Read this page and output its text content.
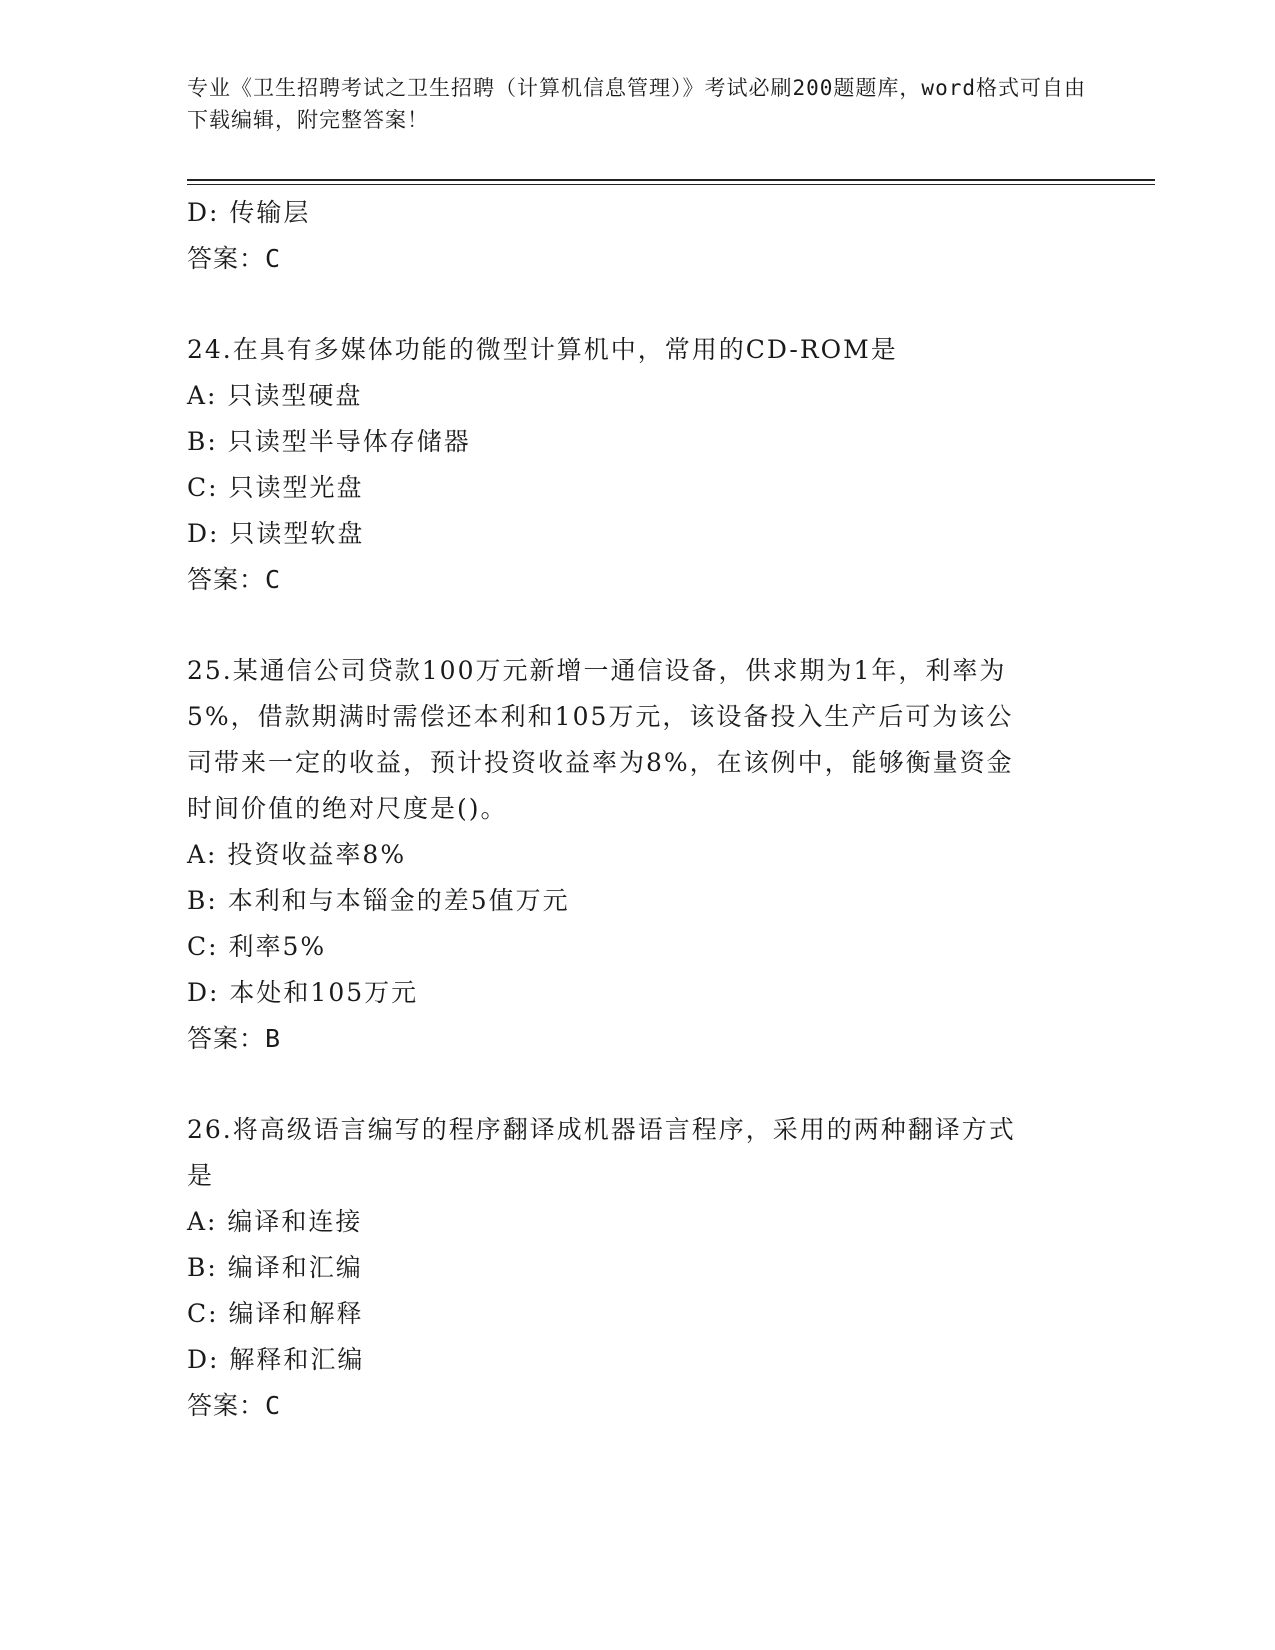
专业《卫生招聘考试之卫生招聘（计算机信息管理）》考试必刷200题题库，word格式可自由下载编辑，附完整答案！
D: 传输层
答案：C
24.在具有多媒体功能的微型计算机中，常用的CD-ROM是
A: 只读型硬盘
B: 只读型半导体存储器
C: 只读型光盘
D: 只读型软盘
答案：C
25.某通信公司贷款100万元新增一通信设备，供求期为1年，利率为5%，借款期满时需偿还本利和105万元，该设备投入生产后可为该公司带来一定的收益，预计投资收益率为8%，在该例中，能够衡量资金时间价值的绝对尺度是()。
A: 投资收益率8%
B: 本利和与本锱金的差5值万元
C: 利率5%
D: 本处和105万元
答案：B
26.将高级语言编写的程序翻译成机器语言程序，采用的两种翻译方式是
A: 编译和连接
B: 编译和汇编
C: 编译和解释
D: 解释和汇编
答案：C
